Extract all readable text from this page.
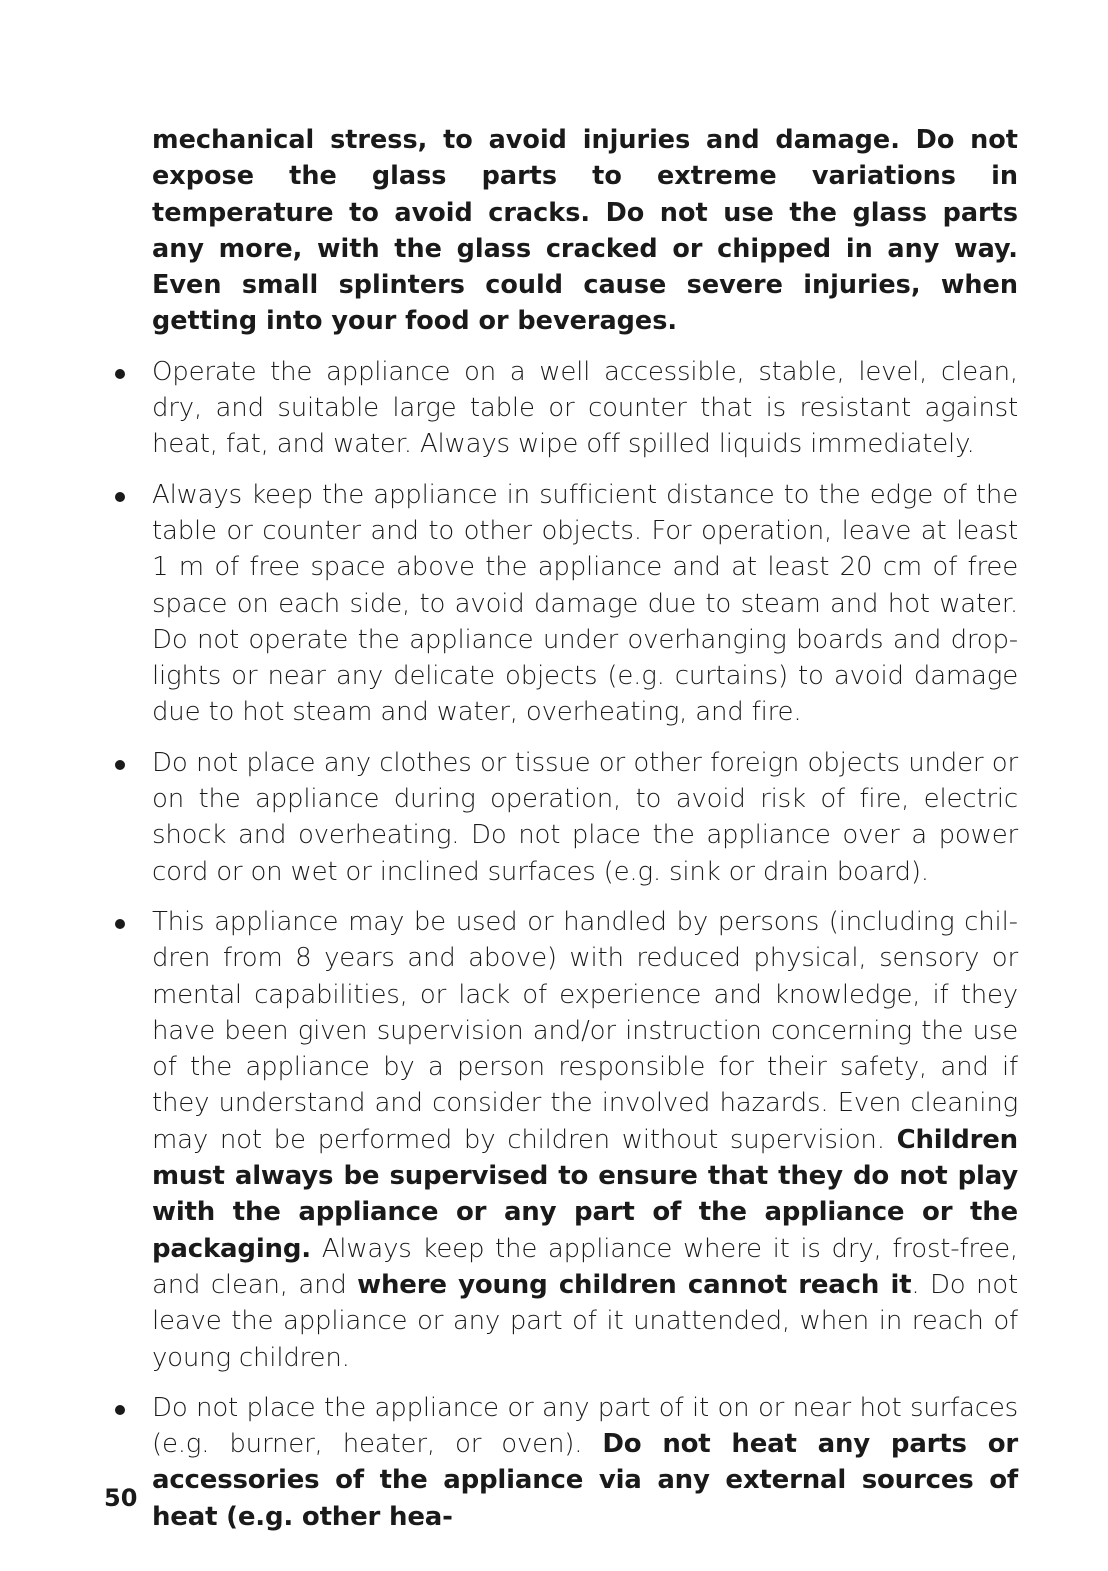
mechanical stress, to avoid injuries and damage. Do not expose the glass parts to extreme variations in temperature to avoid cracks. Do not use the glass parts any more, with the glass cracked or chipped in any way. Even small splinters could cause severe injuries, when getting into your food or beverages.

Operate the appliance on a well accessible, stable, level, clean, dry, and suitable large table or counter that is resistant against heat, fat, and water. Always wipe off spilled liquids immediately.
Always keep the appliance in sufficient distance to the edge of the table or counter and to other objects. For operation, leave at least 1 m of free space above the appliance and at least 20 cm of free space on each side, to avoid damage due to steam and hot water. Do not operate the appliance under overhanging boards and drop-lights or near any delicate objects (e.g. curtains) to avoid damage due to hot steam and water, overheating, and fire.
Do not place any clothes or tissue or other foreign objects under or on the appliance during operation, to avoid risk of fire, electric shock and overheating. Do not place the appliance over a power cord or on wet or inclined surfaces (e.g. sink or drain board).
This appliance may be used or handled by persons (including children from 8 years and above) with reduced physical, sensory or mental capabilities, or lack of experience and knowledge, if they have been given supervision and/or instruction concerning the use of the appliance by a person responsible for their safety, and if they understand and consider the involved hazards. Even cleaning may not be performed by children without supervision. Children must always be supervised to ensure that they do not play with the appliance or any part of the appliance or the packaging. Always keep the appliance where it is dry, frost-free, and clean, and where young children cannot reach it. Do not leave the appliance or any part of it unattended, when in reach of young children.
Do not place the appliance or any part of it on or near hot surfaces (e.g. burner, heater, or oven). Do not heat any parts or accessories of the appliance via any external sources of heat (e.g. other hea-
50
